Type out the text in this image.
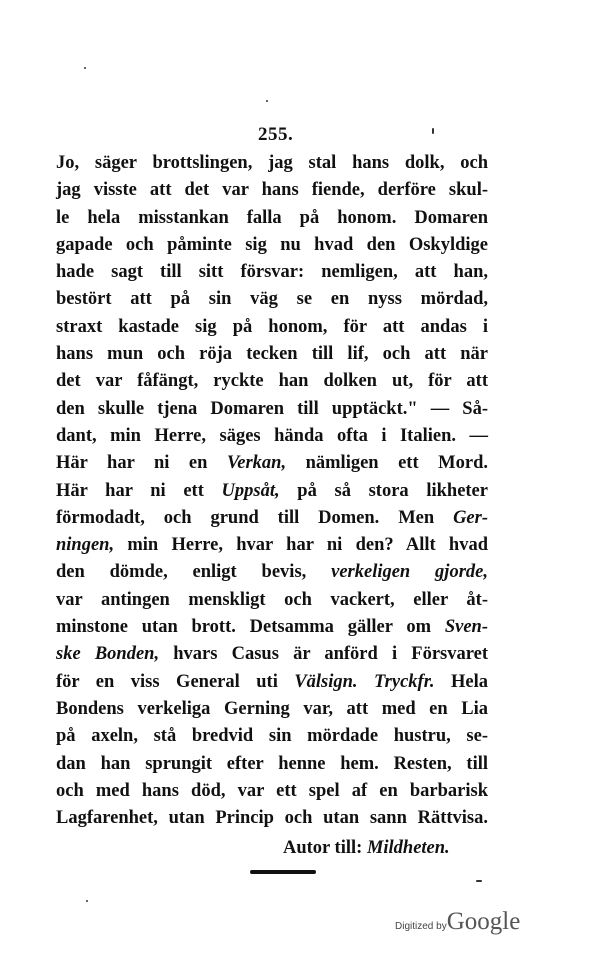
255.
Jo, säger brottslingen, jag stal hans dolk, och
jag visste att det var hans fiende, derföre skul-
le hela misstankan falla på honom. Domaren
gapade och påminte sig nu hvad den Oskyldige
hade sagt till sitt försvar: nemligen, att han,
bestört att på sin väg se en nyss mördad,
straxt kastade sig på honom, för att andas i
hans mun och röja tecken till lif, och att när
det var fåfängt, ryckte han dolken ut, för att
den skulle tjena Domaren till upptäckt." — Så-
dant, min Herre, säges hända ofta i Italien. —
Här har ni en Verkan, nämligen ett Mord.
Här har ni ett Uppsåt, på så stora likheter
förmodadt, och grund till Domen. Men Ger-
ningen, min Herre, hvar har ni den? Allt hvad
den dömde, enligt bevis, verkeligen gjorde,
var antingen menskligt och vackert, eller åt-
minstone utan brott. Detsamma gäller om Sven-
ske Bonden, hvars Casus är anförd i Försvaret
för en viss General uti Välsign. Tryckfr. Hela
Bondens verkeliga Gerning var, att med en Lia
på axeln, stå bredvid sin mördade hustru, se-
dan han sprungit efter henne hem. Resten, till
och med hans död, var ett spel af en barbarisk
Lagfarenhet, utan Princip och utan sann Rättvisa.
Autor till: Mildheten.
Digitized byGoogle
